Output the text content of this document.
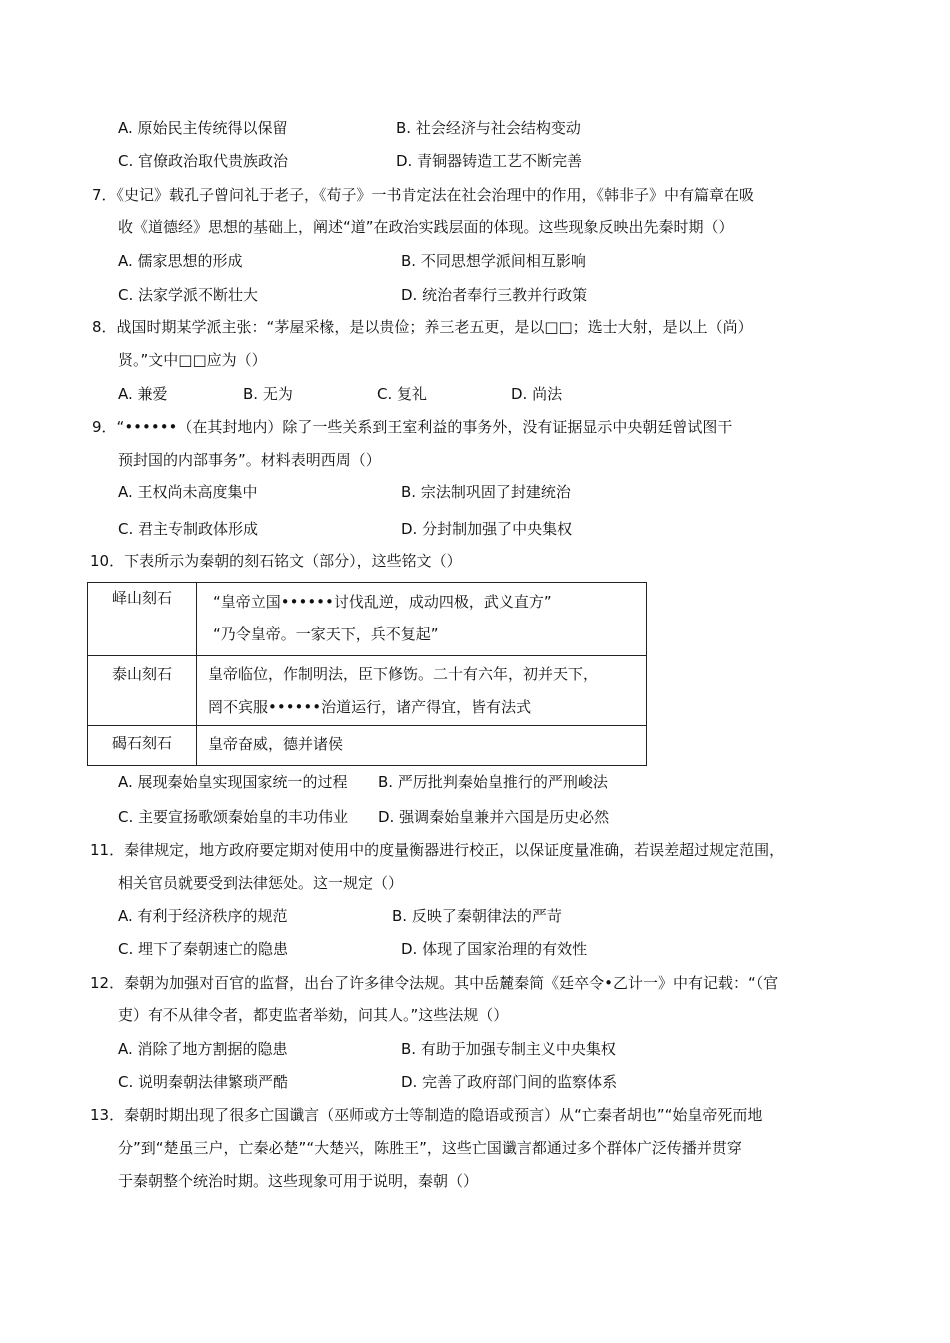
A. 原始民主传统得以保留	B. 社会经济与社会结构变动
C. 官僚政治取代贵族政治	D. 青铜器铸造工艺不断完善
7．《史记》载孔子曾问礼于老子，《荀子》一书肯定法在社会治理中的作用，《韩非子》中有篇章在吸
收《道德经》思想的基础上，阐述“道”在政治实践层面的体现。这些现象反映出先秦时期（）
A. 儒家思想的形成	B. 不同思想学派间相互影响
C. 法家学派不断壮大	D. 统治者奉行三教并行政策
8．战国时期某学派主张：“茅屋采椽，是以贵俭；养三老五更，是以□□；选士大射，是以上（尚）
贤。”文中□□应为（）
A. 兼爱	B. 无为	C. 复礼	D. 尚法
9．“••••••（在其封地内）除了一些关系到王室利益的事务外，没有证据显示中央朝廷曾试图干
预封国的内部事务”。材料表明西周（）
A. 王权尚未高度集中	B. 宗法制巩固了封建统治
C. 君主专制政体形成	D. 分封制加强了中央集权
10．下表所示为秦朝的刻石铭文（部分），这些铭文（）
峄山刻石	“皇帝立国••••••讨伐乱逆，成动四极，武义直方”
“乃令皇帝。一家天下，兵不复起”

泰山刻石	皇帝临位，作制明法，臣下修饬。二十有六年，初并天下，
罔不宾服••••••治道运行，诸产得宜，皆有法式

碣石刻石	皇帝奋威，德并诸侯
A. 展现秦始皇实现国家统一的过程 B. 严厉批判秦始皇推行的严刑峻法
C. 主要宣扬歌颂秦始皇的丰功伟业 D. 强调秦始皇兼并六国是历史必然
11．秦律规定，地方政府要定期对使用中的度量衡器进行校正，以保证度量准确，若误差超过规定范围，
相关官员就要受到法律惩处。这一规定（）
A. 有利于经济秩序的规范	B. 反映了秦朝律法的严苛
C. 埋下了秦朝速亡的隐患	D. 体现了国家治理的有效性
12．秦朝为加强对百官的监督，出台了许多律令法规。其中岳麓秦简《廷卒令•乙计一》中有记载：“（官
吏）有不从律令者，都吏监者举劾，问其人。”这些法规（）
A. 消除了地方割据的隐患	B. 有助于加强专制主义中央集权
C. 说明秦朝法律繁琐严酷	D. 完善了政府部门间的监察体系
13．秦朝时期出现了很多亡国谶言（巫师或方士等制造的隐语或预言）从“亡秦者胡也”“始皇帝死而地
分”到“楚虽三户，亡秦必楚”“大楚兴，陈胜王”，这些亡国谶言都通过多个群体广泛传播并贯穿
于秦朝整个统治时期。这些现象可用于说明，秦朝（）
